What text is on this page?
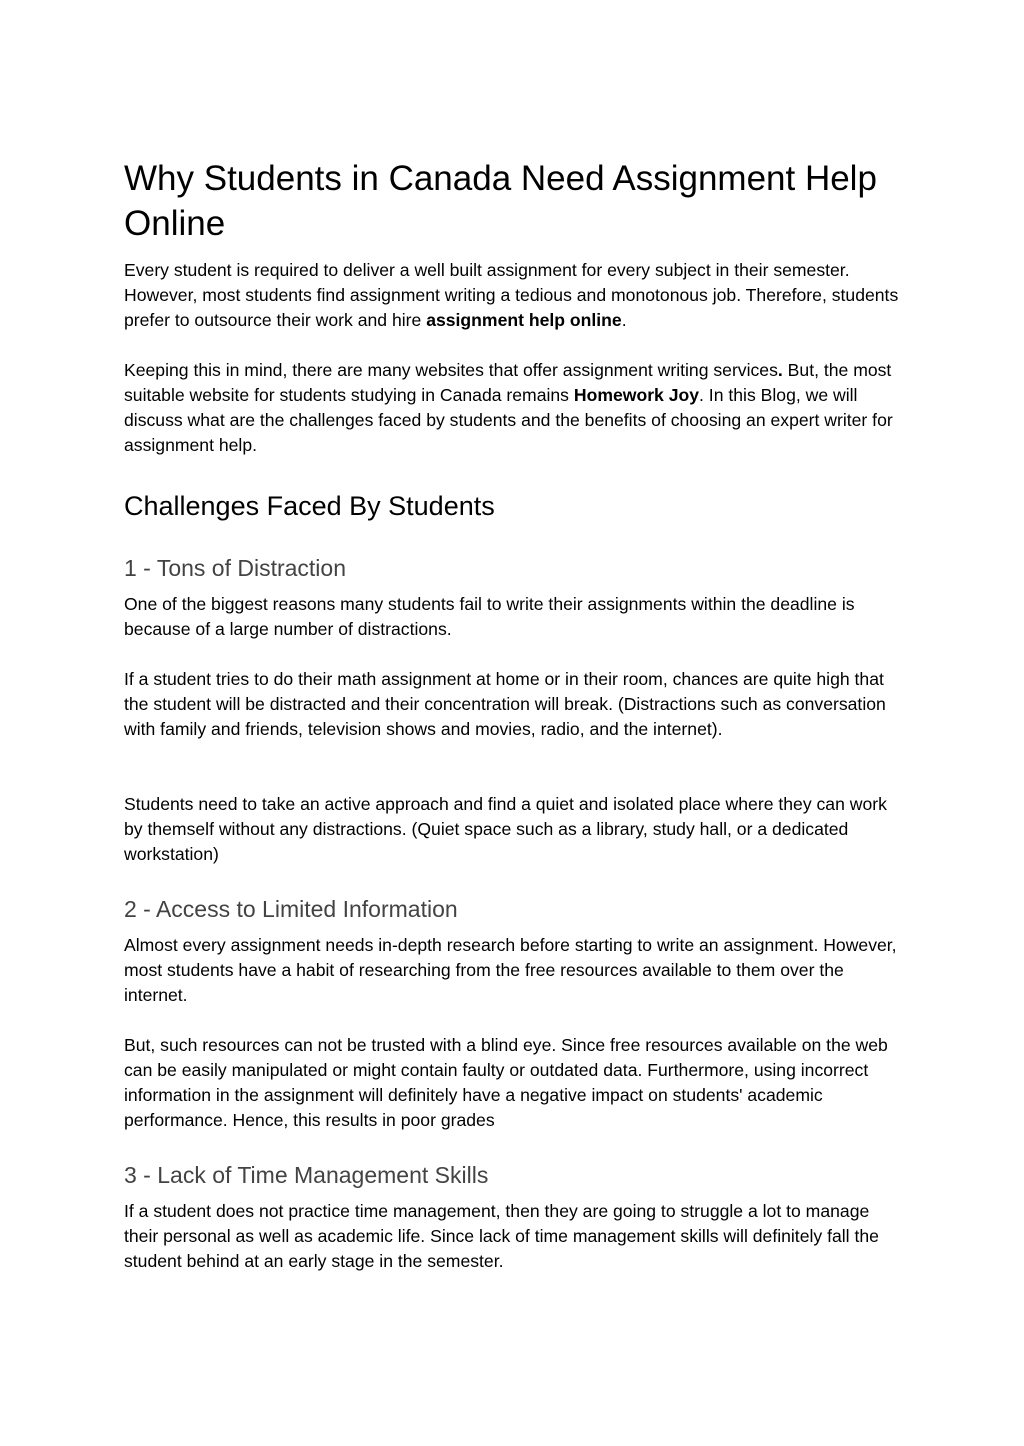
Why Students in Canada Need Assignment Help Online

Every student is required to deliver a well built assignment for every subject in their semester. However, most students find assignment writing a tedious and monotonous job. Therefore, students prefer to outsource their work and hire assignment help online.

Keeping this in mind, there are many websites that offer assignment writing services. But, the most suitable website for students studying in Canada remains Homework Joy. In this Blog, we will discuss what are the challenges faced by students and the benefits of choosing an expert writer for assignment help.

Challenges Faced By Students
1 - Tons of Distraction

One of the biggest reasons many students fail to write their assignments within the deadline is because of a large number of distractions.

If a student tries to do their math assignment at home or in their room, chances are quite high that the student will be distracted and their concentration will break. (Distractions such as conversation with family and friends, television shows and movies, radio, and the internet).

Students need to take an active approach and find a quiet and isolated place where they can work by themself without any distractions. (Quiet space such as a library, study hall, or a dedicated workstation)

2 - Access to Limited Information

Almost every assignment needs in-depth research before starting to write an assignment. However, most students have a habit of researching from the free resources available to them over the internet.

But, such resources can not be trusted with a blind eye. Since free resources available on the web can be easily manipulated or might contain faulty or outdated data. Furthermore, using incorrect information in the assignment will definitely have a negative impact on students' academic performance. Hence, this results in poor grades

3 - Lack of Time Management Skills

If a student does not practice time management, then they are going to struggle a lot to manage their personal as well as academic life. Since lack of time management skills will definitely fall the student behind at an early stage in the semester.
